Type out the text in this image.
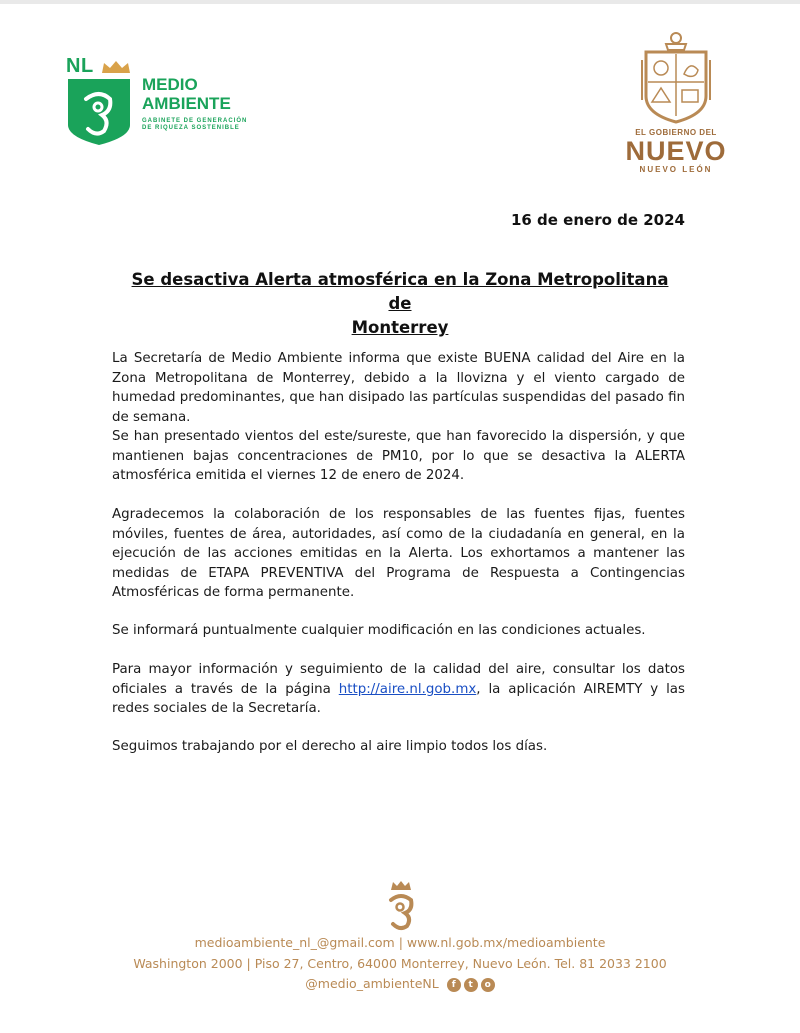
NL
MEDIO
AMBIENTE
GABINETE DE GENERACIÓN
DE RIQUEZA SOSTENIBLE	EL GOBIERNO DEL
NUEVO
NUEVO LEÓN
16 de enero de 2024
Se desactiva Alerta atmosférica en la Zona Metropolitana de
Monterrey

La Secretaría de Medio Ambiente informa que existe BUENA calidad del Aire en la Zona Metropolitana de Monterrey, debido a la llovizna y el viento cargado de humedad predominantes, que han disipado las partículas suspendidas del pasado fin de semana.

Se han presentado vientos del este/sureste, que han favorecido la dispersión, y que mantienen bajas concentraciones de PM10, por lo que se desactiva la ALERTA atmosférica emitida el viernes 12 de enero de 2024.

Agradecemos la colaboración de los responsables de las fuentes fijas, fuentes móviles, fuentes de área, autoridades, así como de la ciudadanía en general, en la ejecución de las acciones emitidas en la Alerta. Los exhortamos a mantener las medidas de ETAPA PREVENTIVA del Programa de Respuesta a Contingencias Atmosféricas de forma permanente.

Se informará puntualmente cualquier modificación en las condiciones actuales.

Para mayor información y seguimiento de la calidad del aire, consultar los datos oficiales a través de la página http://aire.nl.gob.mx, la aplicación AIREMTY y las redes sociales de la Secretaría.

Seguimos trabajando por el derecho al aire limpio todos los días.

medioambiente_nl_@gmail.com | www.nl.gob.mx/medioambiente
Washington 2000 | Piso 27, Centro, 64000 Monterrey, Nuevo León. Tel. 81 2033 2100
@medio_ambienteNL	f	t	o
